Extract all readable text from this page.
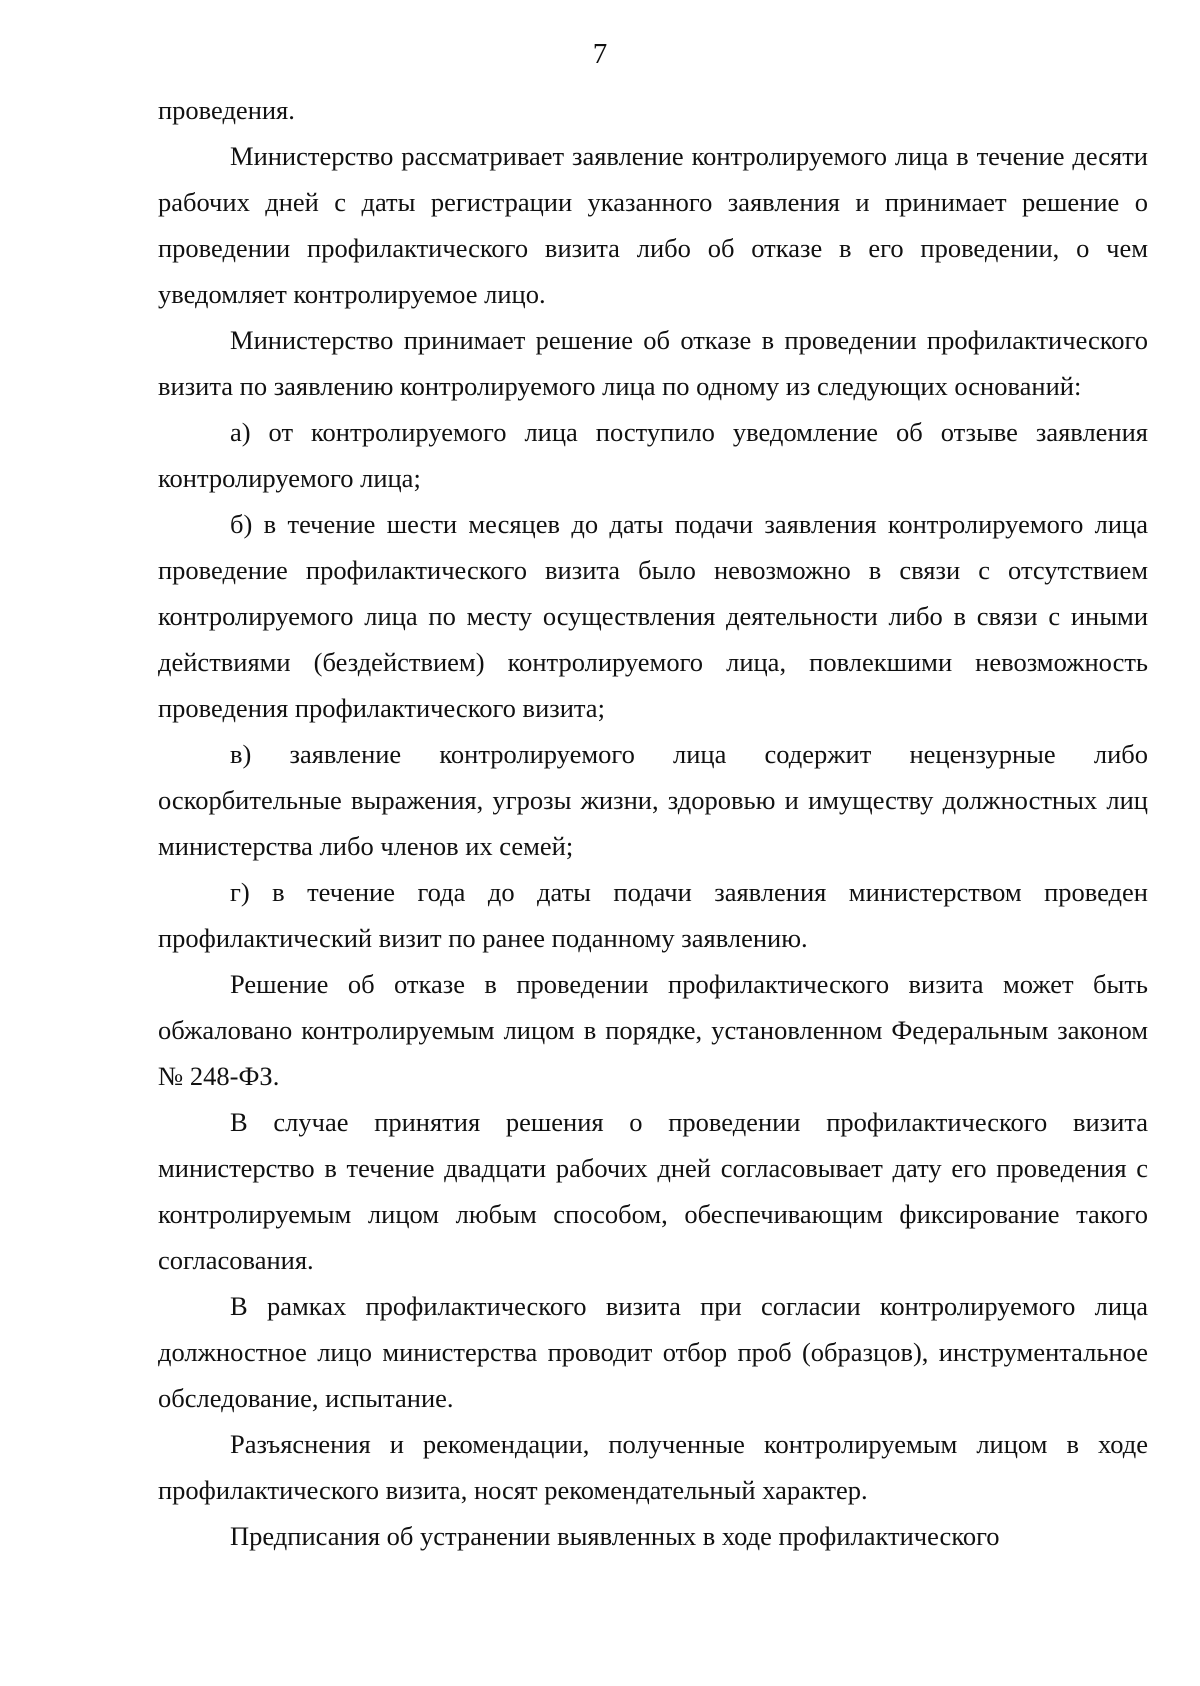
7

проведения.

Министерство рассматривает заявление контролируемого лица в течение десяти рабочих дней с даты регистрации указанного заявления и принимает решение о проведении профилактического визита либо об отказе в его проведении, о чем уведомляет контролируемое лицо.

Министерство принимает решение об отказе в проведении профилактического визита по заявлению контролируемого лица по одному из следующих оснований:

а) от контролируемого лица поступило уведомление об отзыве заявления контролируемого лица;

б) в течение шести месяцев до даты подачи заявления контролируемого лица проведение профилактического визита было невозможно в связи с отсутствием контролируемого лица по месту осуществления деятельности либо в связи с иными действиями (бездействием) контролируемого лица, повлекшими невозможность проведения профилактического визита;

в) заявление контролируемого лица содержит нецензурные либо оскорбительные выражения, угрозы жизни, здоровью и имуществу должностных лиц министерства либо членов их семей;

г) в течение года до даты подачи заявления министерством проведен профилактический визит по ранее поданному заявлению.

Решение об отказе в проведении профилактического визита может быть обжаловано контролируемым лицом в порядке, установленном Федеральным законом № 248-ФЗ.

В случае принятия решения о проведении профилактического визита министерство в течение двадцати рабочих дней согласовывает дату его проведения с контролируемым лицом любым способом, обеспечивающим фиксирование такого согласования.

В рамках профилактического визита при согласии контролируемого лица должностное лицо министерства проводит отбор проб (образцов), инструментальное обследование, испытание.

Разъяснения и рекомендации, полученные контролируемым лицом в ходе профилактического визита, носят рекомендательный характер.

Предписания об устранении выявленных в ходе профилактического
